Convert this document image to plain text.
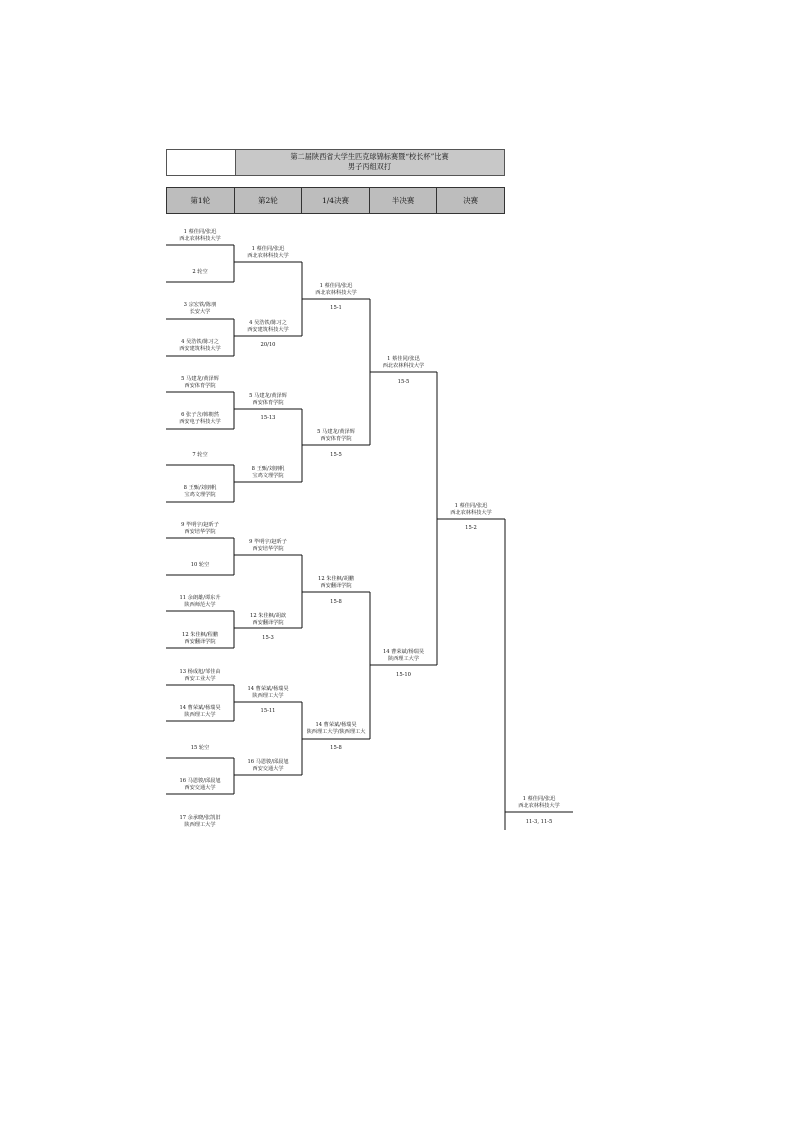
第二届陕西省大学生匹克球锦标赛暨“校长杯”比赛
男子丙组双打
第1轮	第2轮	1/4决赛	半决赛	决赛
1 蔡佳同/张迅
西北农林科技大学
2 轮空
3 宗宏铁/陈朋
长安大学
4 吴浩铁/陈习之
西安建筑科技大学
5 马建龙/黄泽辉
西安体育学院
6 张子含/韩朝然
西安电子科技大学
7 轮空
8 王甄/刘朋帆
宝鸡文理学院
9 毕明宇/赵昕子
西安培华学院
10 轮空
11 余朗雄/谭东升
陕西师范大学
12 朱佳枫/程鹏
西安翻译学院
13 杨成旭/邹佳由
西安工业大学
14 曹荣斌/杨瑞昊
陕西理工大学
15 轮空
16 马恩骏/邱晨旭
西安交通大学
17 余承晓/张凯旧
陕西理工大学
1 蔡佳同/张迅
西北农林科技大学
4 吴浩铁/陈习之
西安建筑科技大学
20/10
5 马建龙/黄泽辉
西安体育学院
15-13
8 王甄/刘朋帆
宝鸡文理学院
9 毕明宇/赵昕子
西安培华学院
12 朱佳枫/胡歆
西安翻译学院
15-3
14 曹荣斌/杨瑞昊
陕西理工大学
15-11
16 马恩骏/邱晨旭
西安交通大学
1 蔡佳同/张迅
西北农林科技大学
15-1
5 马建龙/黄泽辉
西安体育学院
15-5
12 朱佳枫/胡鹏
西安翻译学院
15-8
14 曹荣斌/杨瑞昊
陕西理工大学/陕西理工大
15-8
1 蔡佳同/张迅
西北农林科技大学
15-5
14 曹荣斌/杨瑞昊
陕西理工大学
15-10
1 蔡佳同/张迅
西北农林科技大学
15-2
1 蔡佳同/张迅
西北农林科技大学
11-3, 11-5
